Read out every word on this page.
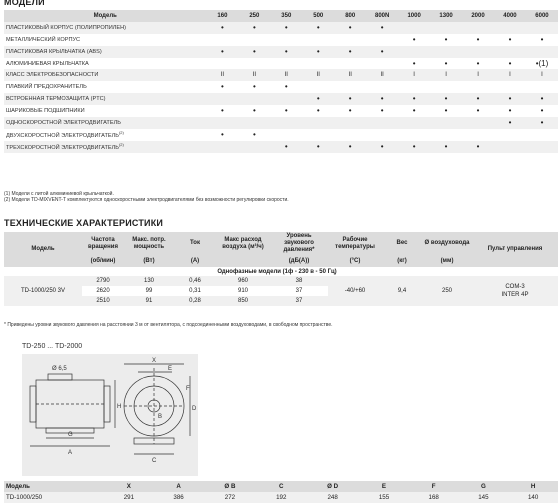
МОДЕЛИ
Модель	160	250	350	500	800	800N	1000	1300	2000	4000	6000
ПЛАСТИКОВЫЙ КОРПУС (ПОЛИПРОПИЛЕН)	•	•	•	•	•	•					
МЕТАЛЛИЧЕСКИЙ КОРПУС							•	•	•	•	•
ПЛАСТИКОВАЯ КРЫЛЬЧАТКА (ABS)	•	•	•	•	•	•					
АЛЮМИНИЕВАЯ КРЫЛЬЧАТКА							•	•	•	•	•(1)
КЛАСС ЭЛЕКТРОБЕЗОПАСНОСТИ	II	II	II	II	II	II	I	I	I	I	I
ПЛАВКИЙ ПРЕДОХРАНИТЕЛЬ	•	•	•								
ВСТРОЕННАЯ ТЕРМОЗАЩИТА (PTC)				•	•	•	•	•	•	•	•
ШАРИКОВЫЕ ПОДШИПНИКИ	•	•	•	•	•	•	•	•	•	•	•
ОДНОСКОРОСТНОЙ ЭЛЕКТРОДВИГАТЕЛЬ										•	•
ДВУХСКОРОСТНОЙ ЭЛЕКТРОДВИГАТЕЛЬ$^{(2)}$	•	•									
ТРЕХСКОРОСТНОЙ ЭЛЕКТРОДВИГАТЕЛЬ$^{(2)}$			•	•	•	•	•	•	•		
(1) Модели с литой алюминиевой крыльчаткой.
(2) Модели TD-MIXVENT-T комплектуются односкоростными электродвигателями без возможности регулировки скорости.
ТЕХНИЧЕСКИЕ ХАРАКТЕРИСТИКИ
Модель	Частота вращения	Макс. потр. мощность	Ток	Макс расход воздуха (м³/ч)	Уровень звукового давления*	Рабочие температуры	Вес	Ø воздуховода	Пульт управления
	(об/мин)	(Вт)	(А)		(дБ(А))	(°C)	(кг)	(мм)	
	Однофазные модели (1ф - 230 в - 50 Гц)								
TD-1000/250 3V	2790	130	0,46	960	38	-40/+60	9,4	250	COM-3
INTER 4P

	2620	99	0,31	910	37				
	2510	91	0,28	850	37				
* Приведены уровни звукового давления на расстоянии 3 м от вентилятора, с подсоединенными воздуховодами, в свободном пространстве.
TD-250 ... TD-2000
X
E
F
A
G
H
C
B
D
Ø 6,5
Модель	X	A	Ø B	C	Ø D	E	F	G	H
TD-1000/250	291	386	272	192	248	155	168	145	140
